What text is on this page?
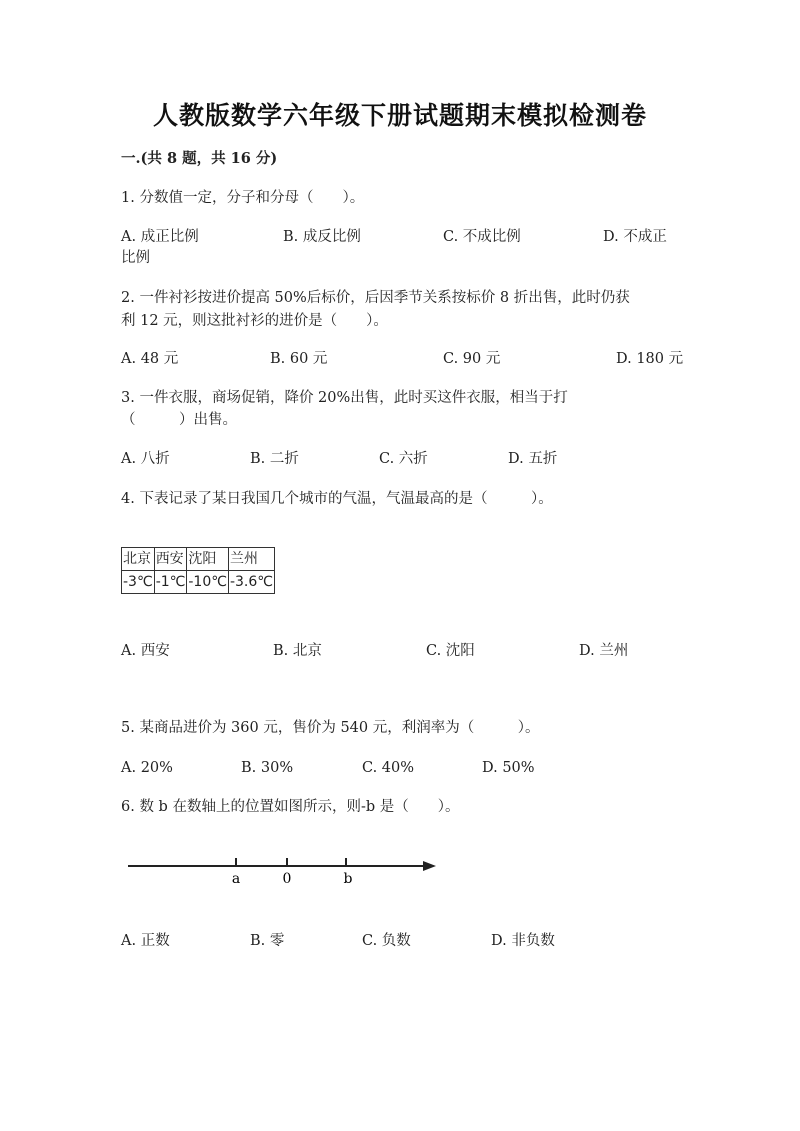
人教版数学六年级下册试题期末模拟检测卷
一.(共 8 题，共 16 分)
1. 分数值一定，分子和分母（　　）。
A. 成正比例	B. 成反比例	C. 不成比例	D. 不成正
比例
2. 一件衬衫按进价提高 50%后标价，后因季节关系按标价 8 折出售，此时仍获
利 12 元，则这批衬衫的进价是（　　）。
A. 48 元	B. 60 元	C. 90 元	D. 180 元
3. 一件衣服，商场促销，降价 20%出售，此时买这件衣服，相当于打
（　　　）出售。
A. 八折	B. 二折	C. 六折	D. 五折
4. 下表记录了某日我国几个城市的气温，气温最高的是（　　　）。
北京	西安	沈阳	兰州
-3℃	-1℃	-10℃	-3.6℃
A. 西安	B. 北京	C. 沈阳	D. 兰州
5. 某商品进价为 360 元，售价为 540 元，利润率为（　　　）。
A. 20%	B. 30%	C. 40%	D. 50%
6. 数 b 在数轴上的位置如图所示，则-b 是（　　）。
a	0	b
A. 正数	B. 零	C. 负数	D. 非负数
